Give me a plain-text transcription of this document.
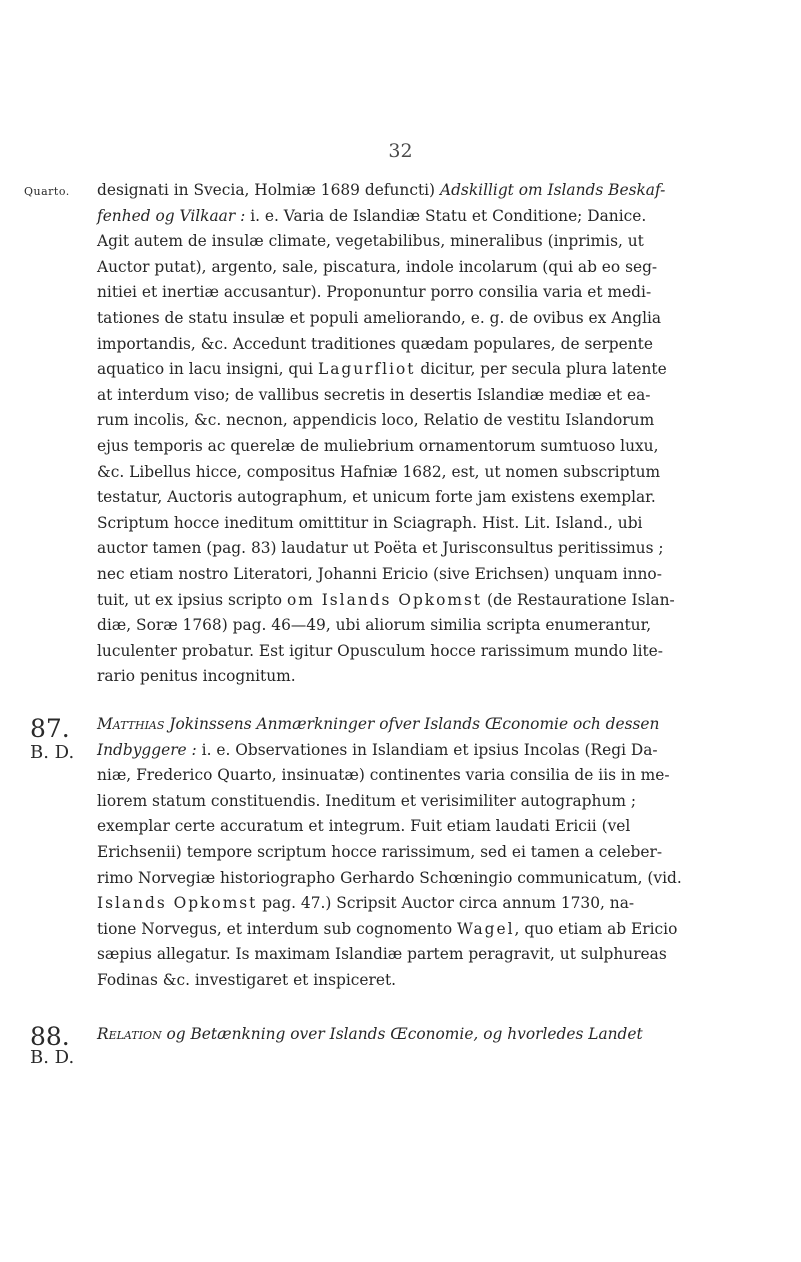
32
Quarto. designati in Svecia, Holmiæ 1689 defuncti) Adskilligt om Islands Beskaf-
fenhed og Vilkaar : i. e. Varia de Islandiæ Statu et Conditione; Danice.
Agit autem de insulæ climate, vegetabilibus, mineralibus (inprimis, ut
Auctor putat), argento, sale, piscatura, indole incolarum (qui ab eo seg-
nitiei et inertiæ accusantur). Proponuntur porro consilia varia et medi-
tationes de statu insulæ et populi ameliorando, e. g. de ovibus ex Anglia
importandis, &c. Accedunt traditiones quædam populares, de serpente
aquatico in lacu insigni, qui Lagurfliot dicitur, per secula plura latente
at interdum viso; de vallibus secretis in desertis Islandiæ mediæ et ea-
rum incolis, &c. necnon, appendicis loco, Relatio de vestitu Islandorum
ejus temporis ac querelæ de muliebrium ornamentorum sumtuoso luxu,
&c. Libellus hicce, compositus Hafniæ 1682, est, ut nomen subscriptum
testatur, Auctoris autographum, et unicum forte jam existens exemplar.
Scriptum hocce ineditum omittitur in Sciagraph. Hist. Lit. Island., ubi
auctor tamen (pag. 83) laudatur ut Poëta et Jurisconsultus peritissimus ;
nec etiam nostro Literatori, Johanni Ericio (sive Erichsen) unquam inno-
tuit, ut ex ipsius scripto om Islands Opkomst (de Restauratione Islan-
diæ, Soræ 1768) pag. 46—49, ubi aliorum similia scripta enumerantur,
luculenter probatur. Est igitur Opusculum hocce rarissimum mundo lite-
rario penitus incognitum.

87.
B. D.

Matthias Jokinssens Anmærkninger ofver Islands Œconomie och dessen
Indbyggere : i. e. Observationes in Islandiam et ipsius Incolas (Regi Da-
niæ, Frederico Quarto, insinuatæ) continentes varia consilia de iis in me-
liorem statum constituendis. Ineditum et verisimiliter autographum ;
exemplar certe accuratum et integrum. Fuit etiam laudati Ericii (vel
Erichsenii) tempore scriptum hocce rarissimum, sed ei tamen a celeber-
rimo Norvegiæ historiographo Gerhardo Schœningio communicatum, (vid.
Islands Opkomst pag. 47.) Scripsit Auctor circa annum 1730, na-
tione Norvegus, et interdum sub cognomento Wagel, quo etiam ab Ericio
sæpius allegatur. Is maximam Islandiæ partem peragravit, ut sulphureas
Fodinas &c. investigaret et inspiceret.

88.
B. D.

Relation og Betænkning over Islands Œconomie, og hvorledes Landet
